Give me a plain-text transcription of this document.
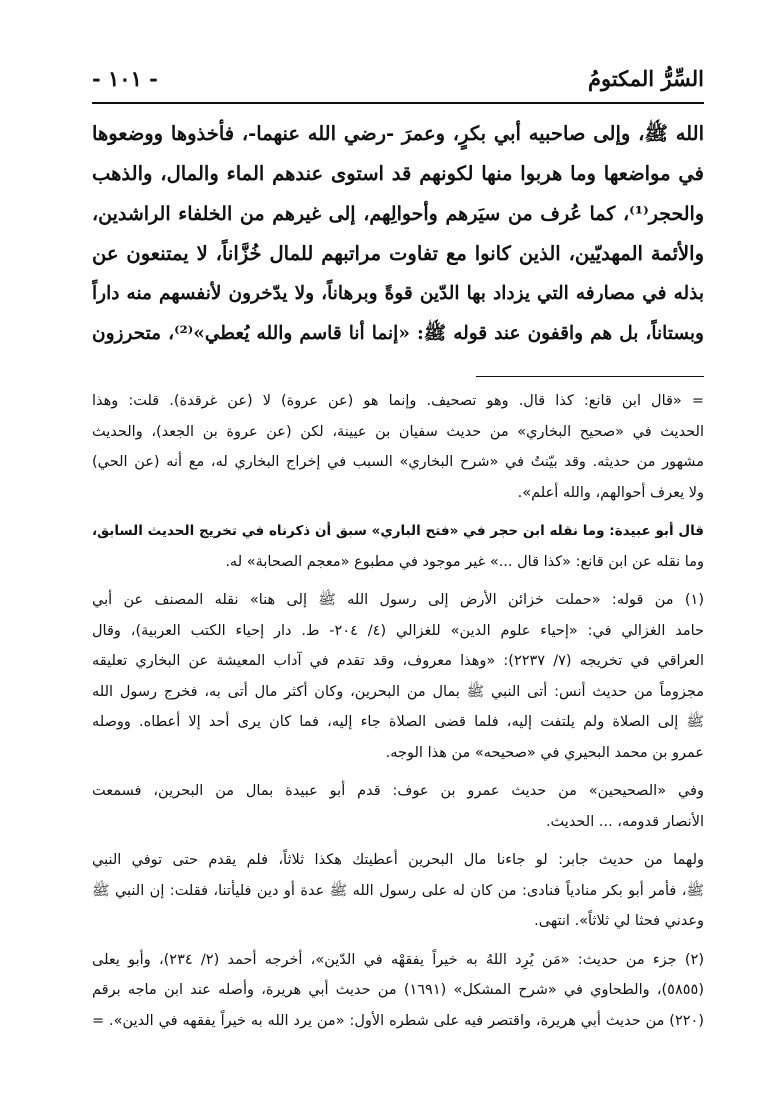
السِّرُّ المكتومُ
- ١٠١ -
الله ﷺ، وإلى صاحبيه أبي بكرٍ، وعمرَ -رضي الله عنهما-، فأخذوها ووضعوها
في مواضعها وما هربوا منها لكونهم قد استوى عندهم الماء والمال، والذهب
والحجر⁽¹⁾، كما عُرف من سيَرهم وأحوالِهم، إلى غيرهم من الخلفاء الراشدين،
والأئمة المهديّين، الذين كانوا مع تفاوت مراتبهم للمال خُزَّاناً، لا يمتنعون عن
بذله في مصارفه التي يزداد بها الدّين قوةً وبرهاناً، ولا يدّخرون لأنفسهم منه داراً
وبستاناً، بل هم واقفون عند قوله ﷺ: «إنما أنا قاسم والله يُعطي»⁽²⁾، متحرزون
= «قال ابن قانع: كذا قال. وهو تصحيف. وإنما هو (عن عروة) لا (عن غرقدة). قلت: وهذا
الحديث في «صحيح البخاري» من حديث سفيان بن عيينة، لكن (عن عروة بن الجعد)، والحديث
مشهور من حديثه. وقد بيّنتُ في «شرح البخاري» السبب في إخراج البخاري له، مع أنه (عن الحي)
ولا يعرف أحوالهم، والله أعلم».
قال أبو عبيدة: وما نقله ابن حجر في «فتح الباري» سبق أن ذكرناه في تخريج الحديث السابق،
وما نقله عن ابن قانع: «كذا قال ...» غير موجود في مطبوع «معجم الصحابة» له.
(١) من قوله: «حملت خزائن الأرض إلى رسول الله ﷺ إلى هنا» نقله المصنف عن أبي
حامد الغزالي في: «إحياء علوم الدين» للغزالي (٤/ ٢٠٤- ط. دار إحياء الكتب العربية)، وقال
العراقي في تخريجه (٧/ ٢٢٣٧): «وهذا معروف، وقد تقدم في آداب المعيشة عن البخاري تعليقه
مجزوماً من حديث أنس: أتى النبي ﷺ بمال من البحرين، وكان أكثر مال أتى به، فخرج رسول الله
ﷺ إلى الصلاة ولم يلتفت إليه، فلما قضى الصلاة جاء إليه، فما كان يرى أحد إلا أعطاه. ووصله
عمرو بن محمد البحيري في «صحيحه» من هذا الوجه.
وفي «الصحيحين» من حديث عمرو بن عوف: قدم أبو عبيدة بمال من البحرين، فسمعت
الأنصار قدومه، ... الحديث.
ولهما من حديث جابر: لو جاءنا مال البحرين أعطيتك هكذا ثلاثاً، فلم يقدم حتى توفي النبي
ﷺ، فأمر أبو بكر منادياً فنادى: من كان له على رسول الله ﷺ عدة أو دين فليأتنا، فقلت: إن النبي ﷺ
وعدني فحثا لي ثلاثاً». انتهى.
(٢) جزء من حديث: «مَن يُرِد اللهُ به خيراً يفقهْه في الدّين»، أخرجه أحمد (٢/ ٢٣٤)، وأبو يعلى
(٥٨٥٥)، والطحاوي في «شرح المشكل» (١٦٩١) من حديث أبي هريرة، وأصله عند ابن ماجه برقم
(٢٢٠) من حديث أبي هريرة، واقتصر فيه على شطره الأول: «من يرد الله به خيراً يفقهه في الدين». =
